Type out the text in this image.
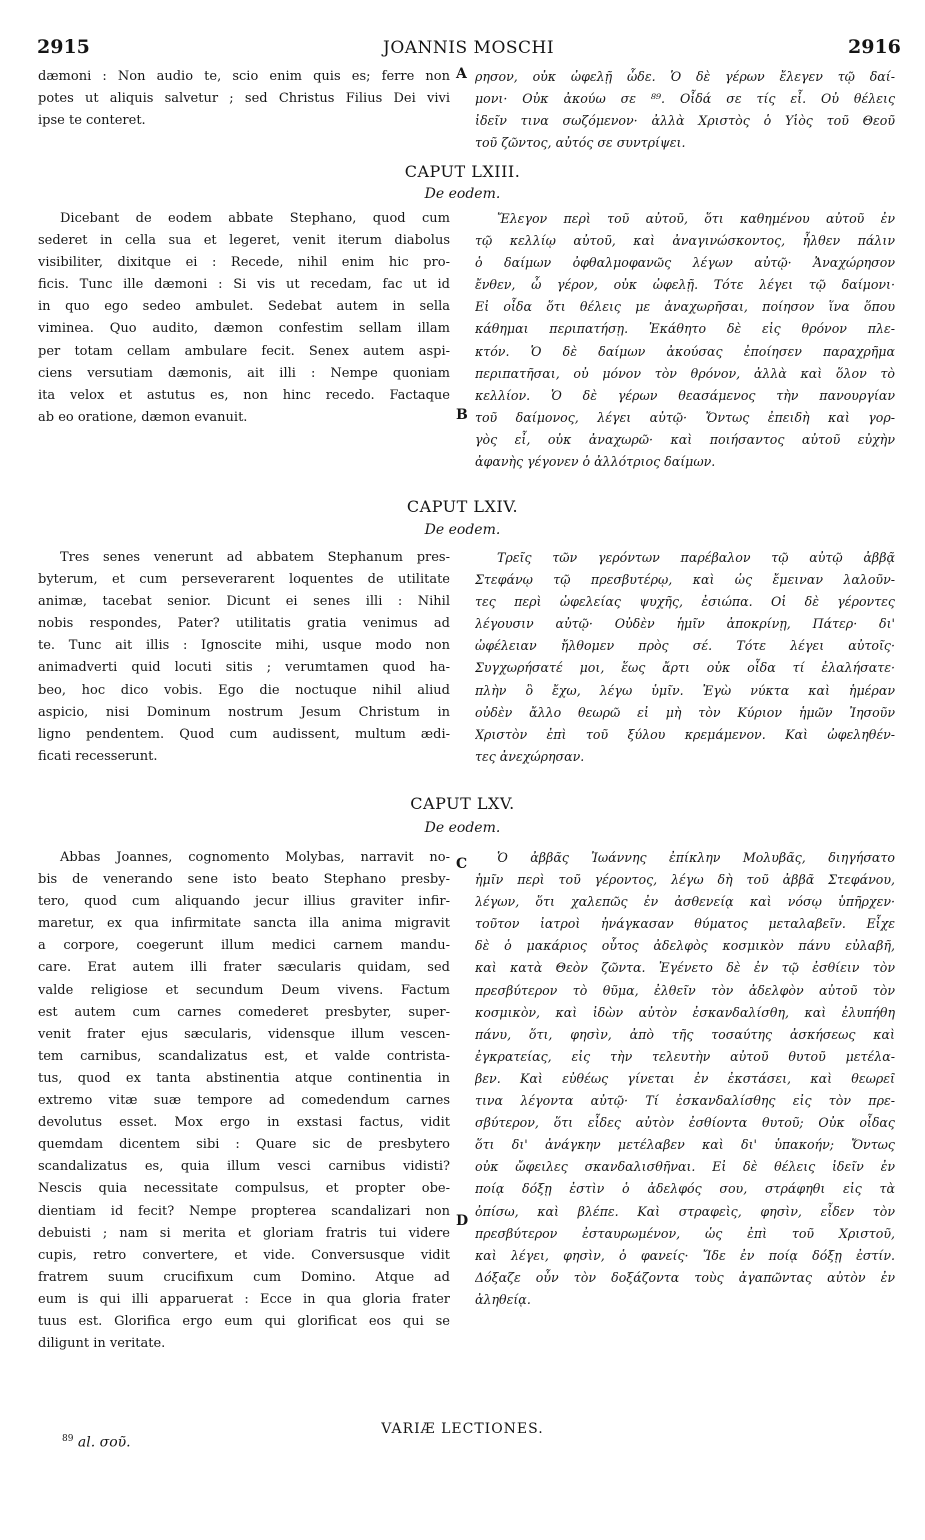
2915	JOANNIS MOSCHI	2916
dæmoni : Non audio te, scio enim quis es; ferre non
potes ut aliquis salvetur ; sed Christus Filius Dei vivi
ipse te conteret.
ρησον, οὐκ ὠφελῇ ὧδε. Ὁ δὲ γέρων ἔλεγεν τῷ δαί-
μονι· Οὐκ ἀκούω σε ⁸⁹. Οἶδά σε τίς εἶ. Οὐ θέλεις
ἰδεῖν τινα σωζόμενον· ἀλλὰ Χριστὸς ὁ Υἱὸς τοῦ Θεοῦ
τοῦ ζῶντος, αὐτός σε συντρίψει.
A
CAPUT LXIII.
De eodem.
Dicebant de eodem abbate Stephano, quod cum
sederet in cella sua et legeret, venit iterum diabolus
visibiliter, dixitque ei : Recede, nihil enim hic pro-
ficis. Tunc ille dæmoni : Si vis ut recedam, fac ut id
in quo ego sedeo ambulet. Sedebat autem in sella
viminea. Quo audito, dæmon confestim sellam illam
per totam cellam ambulare fecit. Senex autem aspi-
ciens versutiam dæmonis, ait illi : Nempe quoniam
ita velox et astutus es, non hinc recedo. Factaque
ab eo oratione, dæmon evanuit.
Ἔλεγον περὶ τοῦ αὐτοῦ, ὅτι καθημένου αὐτοῦ ἐν
τῷ κελλίῳ αὐτοῦ, καὶ ἀναγινώσκοντος, ἦλθεν πάλιν
ὁ δαίμων ὀφθαλμοφανῶς λέγων αὐτῷ· Ἀναχώρησον
ἔνθεν, ὦ γέρον, οὐκ ὠφελῇ. Τότε λέγει τῷ δαίμονι·
Εἰ οἶδα ὅτι θέλεις με ἀναχωρῆσαι, ποίησον ἵνα ὅπου
κάθημαι περιπατήσῃ. Ἐκάθητο δὲ εἰς θρόνον πλε-
κτόν. Ὁ δὲ δαίμων ἀκούσας ἐποίησεν παραχρῆμα
περιπατῆσαι, οὐ μόνον τὸν θρόνον, ἀλλὰ καὶ ὅλον τὸ
κελλίον. Ὁ δὲ γέρων θεασάμενος τὴν πανουργίαν
τοῦ δαίμονος, λέγει αὐτῷ· Ὄντως ἐπειδὴ καὶ γορ-
γὸς εἶ, οὐκ ἀναχωρῶ· καὶ ποιήσαντος αὐτοῦ εὐχὴν
ἀφανὴς γέγονεν ὁ ἀλλότριος δαίμων.
B
CAPUT LXIV.
De eodem.
Tres senes venerunt ad abbatem Stephanum pres-
byterum, et cum perseverarent loquentes de utilitate
animæ, tacebat senior. Dicunt ei senes illi : Nihil
nobis respondes, Pater? utilitatis gratia venimus ad
te. Tunc ait illis : Ignoscite mihi, usque modo non
animadverti quid locuti sitis ; verumtamen quod ha-
beo, hoc dico vobis. Ego die noctuque nihil aliud
aspicio, nisi Dominum nostrum Jesum Christum in
ligno pendentem. Quod cum audissent, multum ædi-
ficati recesserunt.
Τρεῖς τῶν γερόντων παρέβαλον τῷ αὐτῷ ἀββᾷ
Στεφάνῳ τῷ πρεσβυτέρῳ, καὶ ὡς ἔμειναν λαλοῦν-
τες περὶ ὠφελείας ψυχῆς, ἐσιώπα. Οἱ δὲ γέροντες
λέγουσιν αὐτῷ· Οὐδὲν ἡμῖν ἀποκρίνῃ, Πάτερ· δι'
ὠφέλειαν ἤλθομεν πρὸς σέ. Τότε λέγει αὐτοῖς·
Συγχωρήσατέ μοι, ἕως ἄρτι οὐκ οἶδα τί ἐλαλήσατε·
πλὴν ὃ ἔχω, λέγω ὑμῖν. Ἐγὼ νύκτα καὶ ἡμέραν
οὐδὲν ἄλλο θεωρῶ εἰ μὴ τὸν Κύριον ἡμῶν Ἰησοῦν
Χριστὸν ἐπὶ τοῦ ξύλου κρεμάμενον. Καὶ ὠφεληθέν-
τες ἀνεχώρησαν.
CAPUT LXV.
De eodem.
Abbas Joannes, cognomento Molybas, narravit no-
bis de venerando sene isto beato Stephano presby-
tero, quod cum aliquando jecur illius graviter infir-
maretur, ex qua infirmitate sancta illa anima migravit
a corpore, coegerunt illum medici carnem mandu-
care. Erat autem illi frater sæcularis quidam, sed
valde religiose et secundum Deum vivens. Factum
est autem cum carnes comederet presbyter, super-
venit frater ejus sæcularis, vidensque illum vescen-
tem carnibus, scandalizatus est, et valde contrista-
tus, quod ex tanta abstinentia atque continentia in
extremo vitæ suæ tempore ad comedendum carnes
devolutus esset. Mox ergo in exstasi factus, vidit
quemdam dicentem sibi : Quare sic de presbytero
scandalizatus es, quia illum vesci carnibus vidisti?
Nescis quia necessitate compulsus, et propter obe-
dientiam id fecit? Nempe propterea scandalizari non
debuisti ; nam si merita et gloriam fratris tui videre
cupis, retro convertere, et vide. Conversusque vidit
fratrem suum crucifixum cum Domino. Atque ad
eum is qui illi apparuerat : Ecce in qua gloria frater
tuus est. Glorifica ergo eum qui glorificat eos qui se
diligunt in veritate.
Ὁ ἀββᾶς Ἰωάννης ἐπίκλην Μολυβᾶς, διηγήσατο
ἡμῖν περὶ τοῦ γέροντος, λέγω δὴ τοῦ ἀββᾶ Στεφάνου,
λέγων, ὅτι χαλεπῶς ἐν ἀσθενείᾳ καὶ νόσῳ ὑπῆρχεν·
τοῦτον ἰατροὶ ἠνάγκασαν θύματος μεταλαβεῖν. Εἶχε
δὲ ὁ μακάριος οὗτος ἀδελφὸς κοσμικὸν πάνυ εὐλαβῆ,
καὶ κατὰ Θεὸν ζῶντα. Ἐγένετο δὲ ἐν τῷ ἐσθίειν τὸν
πρεσβύτερον τὸ θῦμα, ἐλθεῖν τὸν ἀδελφὸν αὐτοῦ τὸν
κοσμικὸν, καὶ ἰδὼν αὐτὸν ἐσκανδαλίσθη, καὶ ἐλυπήθη
πάνυ, ὅτι, φησὶν, ἀπὸ τῆς τοσαύτης ἀσκήσεως καὶ
ἐγκρατείας, εἰς τὴν τελευτὴν αὐτοῦ θυτοῦ μετέλα-
βεν. Καὶ εὐθέως γίνεται ἐν ἐκστάσει, καὶ θεωρεῖ
τινα λέγοντα αὐτῷ· Τί ἐσκανδαλίσθης εἰς τὸν πρε-
σβύτερον, ὅτι εἶδες αὐτὸν ἐσθίοντα θυτοῦ; Οὐκ οἶδας
ὅτι δι' ἀνάγκην μετέλαβεν καὶ δι' ὑπακοήν; Ὄντως
οὐκ ὤφειλες σκανδαλισθῆναι. Εἰ δὲ θέλεις ἰδεῖν ἐν
ποίᾳ δόξῃ ἐστὶν ὁ ἀδελφός σου, στράφηθι εἰς τὰ
ὀπίσω, καὶ βλέπε. Καὶ στραφεὶς, φησὶν, εἶδεν τὸν
πρεσβύτερον ἐσταυρωμένον, ὡς ἐπὶ τοῦ Χριστοῦ,
καὶ λέγει, φησὶν, ὁ φανείς· Ἴδε ἐν ποίᾳ δόξῃ ἐστίν.
Δόξαζε οὖν τὸν δοξάζοντα τοὺς ἀγαπῶντας αὐτὸν ἐν
ἀληθείᾳ.
C
D
VARIÆ LECTIONES.
$^{89}$ al. σοῦ.
